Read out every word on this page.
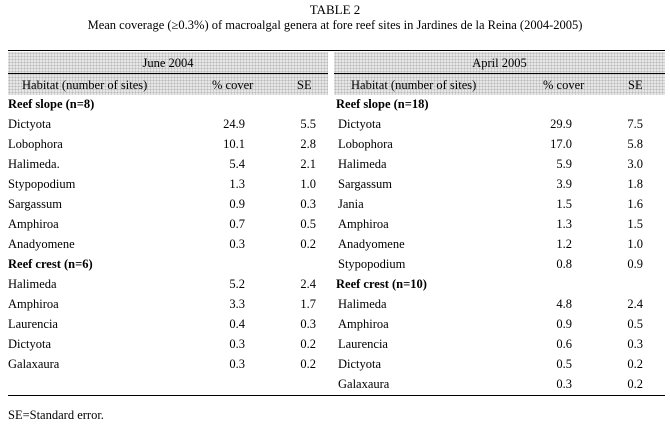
TABLE 2
Mean coverage (≥0.3%) of macroalgal genera at fore reef sites in Jardines de la Reina (2004-2005)
June 2004
Habitat (number of sites)	% cover	SE
April 2005
Habitat (number of sites)	% cover	SE
Reef slope (n=8)
Dictyota	24.9	5.5
Lobophora	10.1	2.8
Halimeda.	5.4	2.1
Stypopodium	1.3	1.0
Sargassum	0.9	0.3
Amphiroa	0.7	0.5
Anadyomene	0.3	0.2
Reef crest (n=6)
Halimeda	5.2	2.4
Amphiroa	3.3	1.7
Laurencia	0.4	0.3
Dictyota	0.3	0.2
Galaxaura	0.3	0.2
Reef slope (n=18)
Dictyota	29.9	7.5
Lobophora	17.0	5.8
Halimeda	5.9	3.0
Sargassum	3.9	1.8
Jania	1.5	1.6
Amphiroa	1.3	1.5
Anadyomene	1.2	1.0
Stypopodium	0.8	0.9
Reef crest (n=10)
Halimeda	4.8	2.4
Amphiroa	0.9	0.5
Laurencia	0.6	0.3
Dictyota	0.5	0.2
Galaxaura	0.3	0.2
SE=Standard error.
